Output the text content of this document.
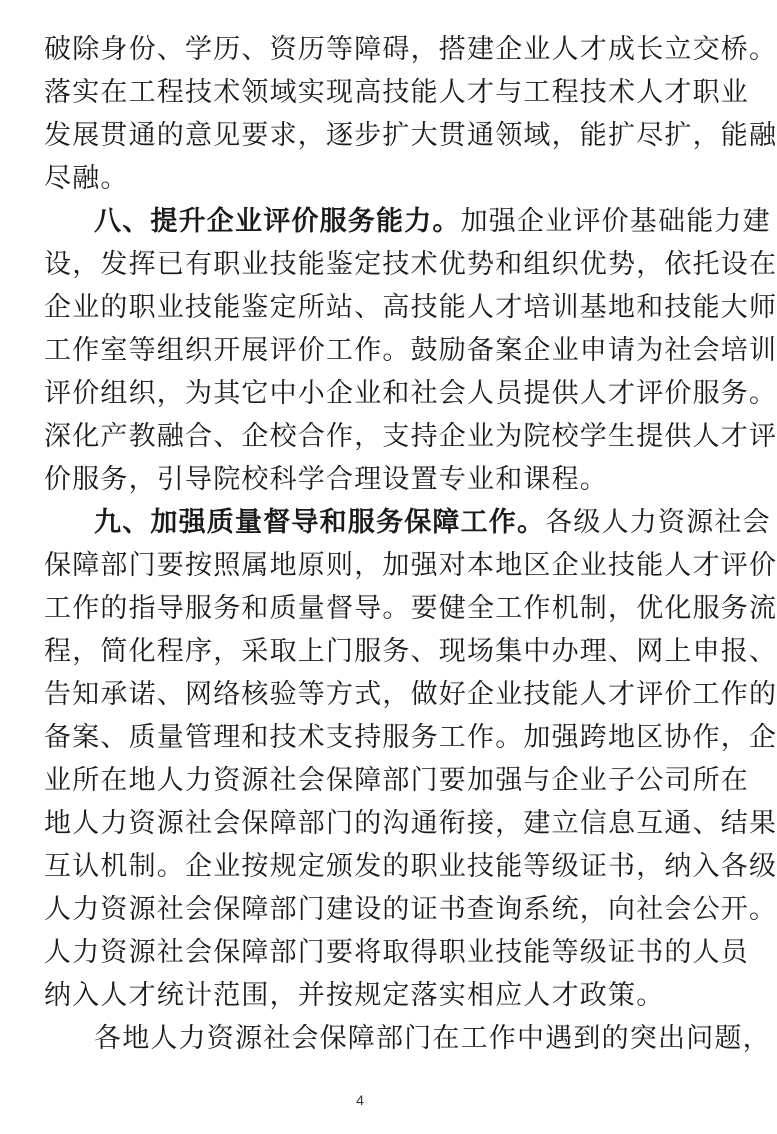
破除身份、学历、资历等障碍，搭建企业人才成长立交桥。
落实在工程技术领域实现高技能人才与工程技术人才职业
发展贯通的意见要求，逐步扩大贯通领域，能扩尽扩，能融
尽融。
八、提升企业评价服务能力。加强企业评价基础能力建
设，发挥已有职业技能鉴定技术优势和组织优势，依托设在
企业的职业技能鉴定所站、高技能人才培训基地和技能大师
工作室等组织开展评价工作。鼓励备案企业申请为社会培训
评价组织，为其它中小企业和社会人员提供人才评价服务。
深化产教融合、企校合作，支持企业为院校学生提供人才评
价服务，引导院校科学合理设置专业和课程。
九、加强质量督导和服务保障工作。各级人力资源社会
保障部门要按照属地原则，加强对本地区企业技能人才评价
工作的指导服务和质量督导。要健全工作机制，优化服务流
程，简化程序，采取上门服务、现场集中办理、网上申报、
告知承诺、网络核验等方式，做好企业技能人才评价工作的
备案、质量管理和技术支持服务工作。加强跨地区协作，企
业所在地人力资源社会保障部门要加强与企业子公司所在
地人力资源社会保障部门的沟通衔接，建立信息互通、结果
互认机制。企业按规定颁发的职业技能等级证书，纳入各级
人力资源社会保障部门建设的证书查询系统，向社会公开。
人力资源社会保障部门要将取得职业技能等级证书的人员
4
纳入人才统计范围，并按规定落实相应人才政策。
各地人力资源社会保障部门在工作中遇到的突出问题，
